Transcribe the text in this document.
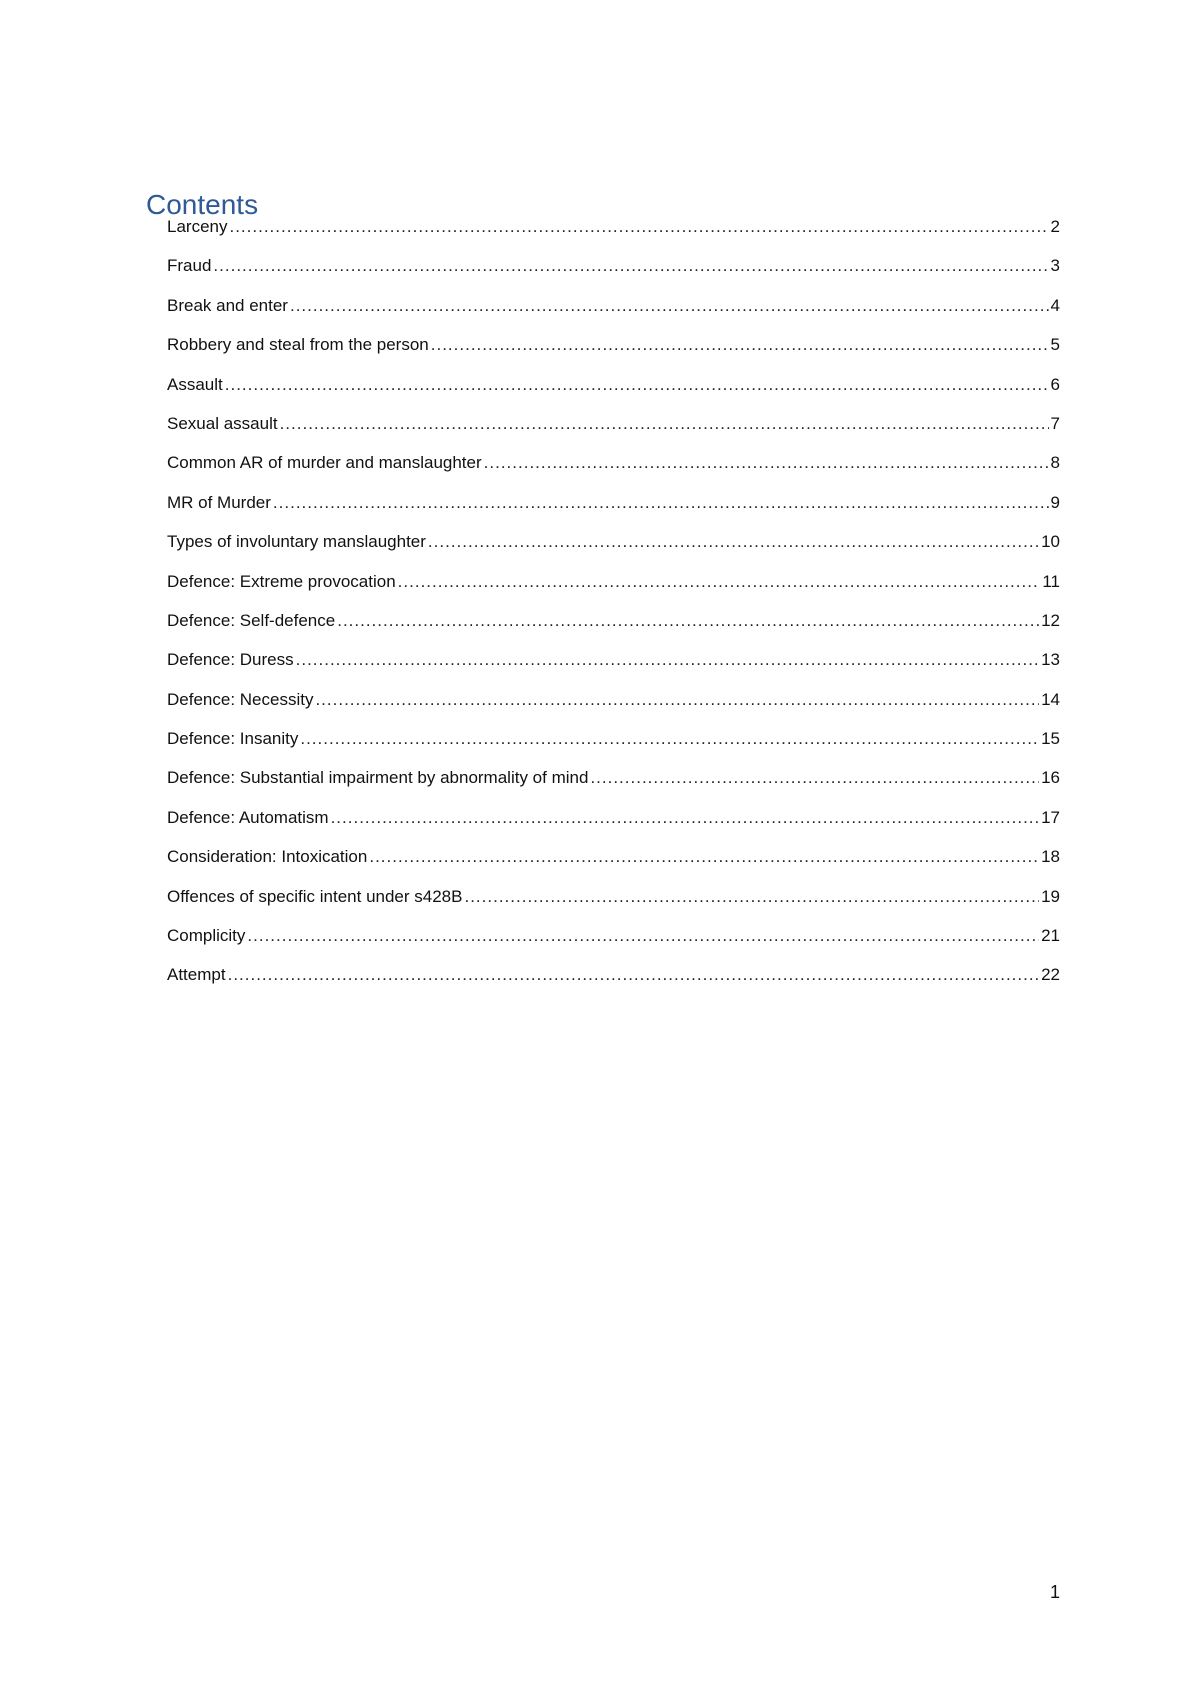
Contents
Larceny .....	2
Fraud .....	3
Break and enter .....	4
Robbery and steal from the person .....	5
Assault .....	6
Sexual assault .....	7
Common AR of murder and manslaughter .....	8
MR of Murder .....	9
Types of involuntary manslaughter .....	10
Defence: Extreme provocation .....	11
Defence: Self-defence .....	12
Defence: Duress .....	13
Defence: Necessity .....	14
Defence: Insanity .....	15
Defence: Substantial impairment by abnormality of mind .....	16
Defence: Automatism .....	17
Consideration: Intoxication .....	18
Offences of specific intent under s428B .....	19
Complicity .....	21
Attempt .....	22
1
